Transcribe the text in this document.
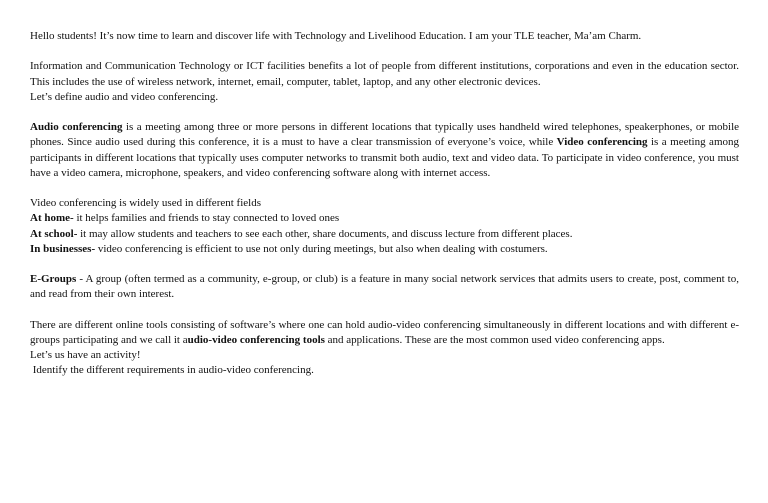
Hello students! It’s now time to learn and discover life with Technology and Livelihood Education. I am your TLE teacher, Ma’am Charm.

Information and Communication Technology or ICT facilities benefits a lot of people from different institutions, corporations and even in the education sector. This includes the use of wireless network, internet, email, computer, tablet, laptop, and any other electronic devices.

Let’s define audio and video conferencing.

Audio conferencing is a meeting among three or more persons in different locations that typically uses handheld wired telephones, speakerphones, or mobile phones. Since audio used during this conference, it is a must to have a clear transmission of everyone’s voice, while Video conferencing is a meeting among participants in different locations that typically uses computer networks to transmit both audio, text and video data. To participate in video conference, you must have a video camera, microphone, speakers, and video conferencing software along with internet access.

Video conferencing is widely used in different fields

At home- it helps families and friends to stay connected to loved ones

At school- it may allow students and teachers to see each other, share documents, and discuss lecture from different places.

In businesses- video conferencing is efficient to use not only during meetings, but also when dealing with costumers.

E-Groups - A group (often termed as a community, e-group, or club) is a feature in many social network services that admits users to create, post, comment to, and read from their own interest.

There are different online tools consisting of software’s where one can hold audio-video conferencing simultaneously in different locations and with different e-groups participating and we call it audio-video conferencing tools and applications. These are the most common used video conferencing apps.

Let’s us have an activity!

Identify the different requirements in audio-video conferencing.
